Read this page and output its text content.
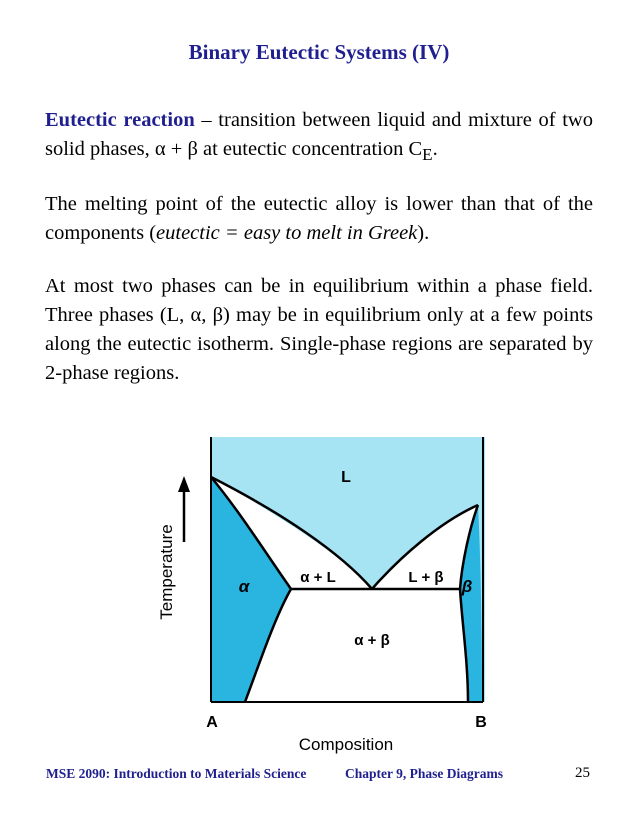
Binary Eutectic Systems (IV)
Eutectic reaction – transition between liquid and mixture of two solid phases, α + β at eutectic concentration $C_E$.
The melting point of the eutectic alloy is lower than that of the components (eutectic = easy to melt in Greek).
At most two phases can be in equilibrium within a phase field. Three phases (L, α, β) may be in equilibrium only at a few points along the eutectic isotherm. Single-phase regions are separated by 2-phase regions.
L
α	β
α + L	L + β
α + β
Temperature
Composition
A	B
MSE 2090: Introduction to Materials Science	Chapter 9, Phase Diagrams	25
